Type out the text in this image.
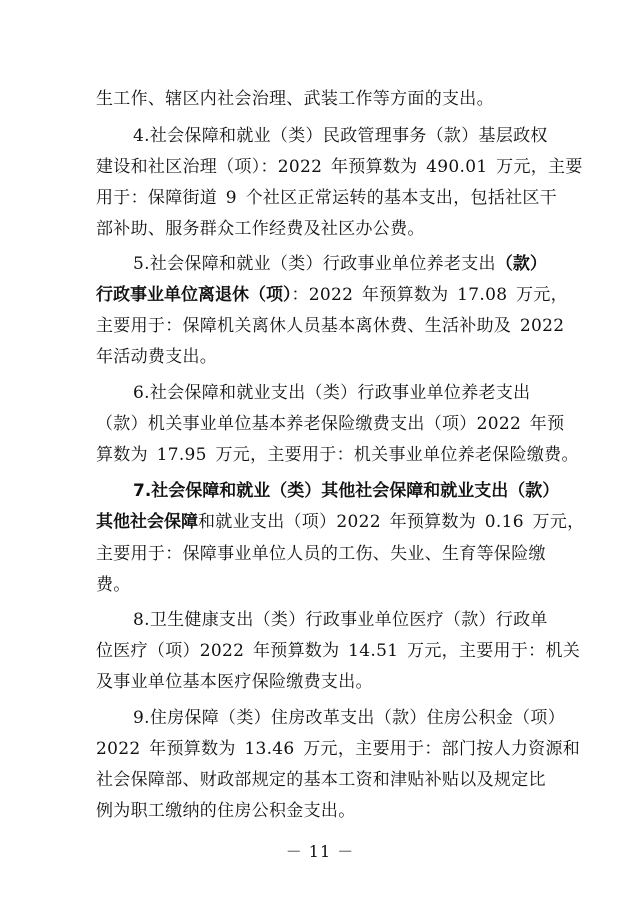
生工作、辖区内社会治理、武装工作等方面的支出。
4.社会保障和就业（类）民政管理事务（款）基层政权
建设和社区治理（项）：2022 年预算数为 490.01 万元，主要
用于：保障街道 9 个社区正常运转的基本支出，包括社区干
部补助、服务群众工作经费及社区办公费。
5.社会保障和就业（类）行政事业单位养老支出（款）
行政事业单位离退休（项）：2022 年预算数为 17.08 万元，
主要用于：保障机关离休人员基本离休费、生活补助及 2022
年活动费支出。
6.社会保障和就业支出（类）行政事业单位养老支出
（款）机关事业单位基本养老保险缴费支出（项）2022 年预
算数为 17.95 万元，主要用于：机关事业单位养老保险缴费。
7.社会保障和就业（类）其他社会保障和就业支出（款）
其他社会保障和就业支出（项）2022 年预算数为 0.16 万元，
主要用于：保障事业单位人员的工伤、失业、生育等保险缴
费。
8.卫生健康支出（类）行政事业单位医疗（款）行政单
位医疗（项）2022 年预算数为 14.51 万元，主要用于：机关
及事业单位基本医疗保险缴费支出。
9.住房保障（类）住房改革支出（款）住房公积金（项）
2022 年预算数为 13.46 万元，主要用于：部门按人力资源和
社会保障部、财政部规定的基本工资和津贴补贴以及规定比
例为职工缴纳的住房公积金支出。
－ 11 －
